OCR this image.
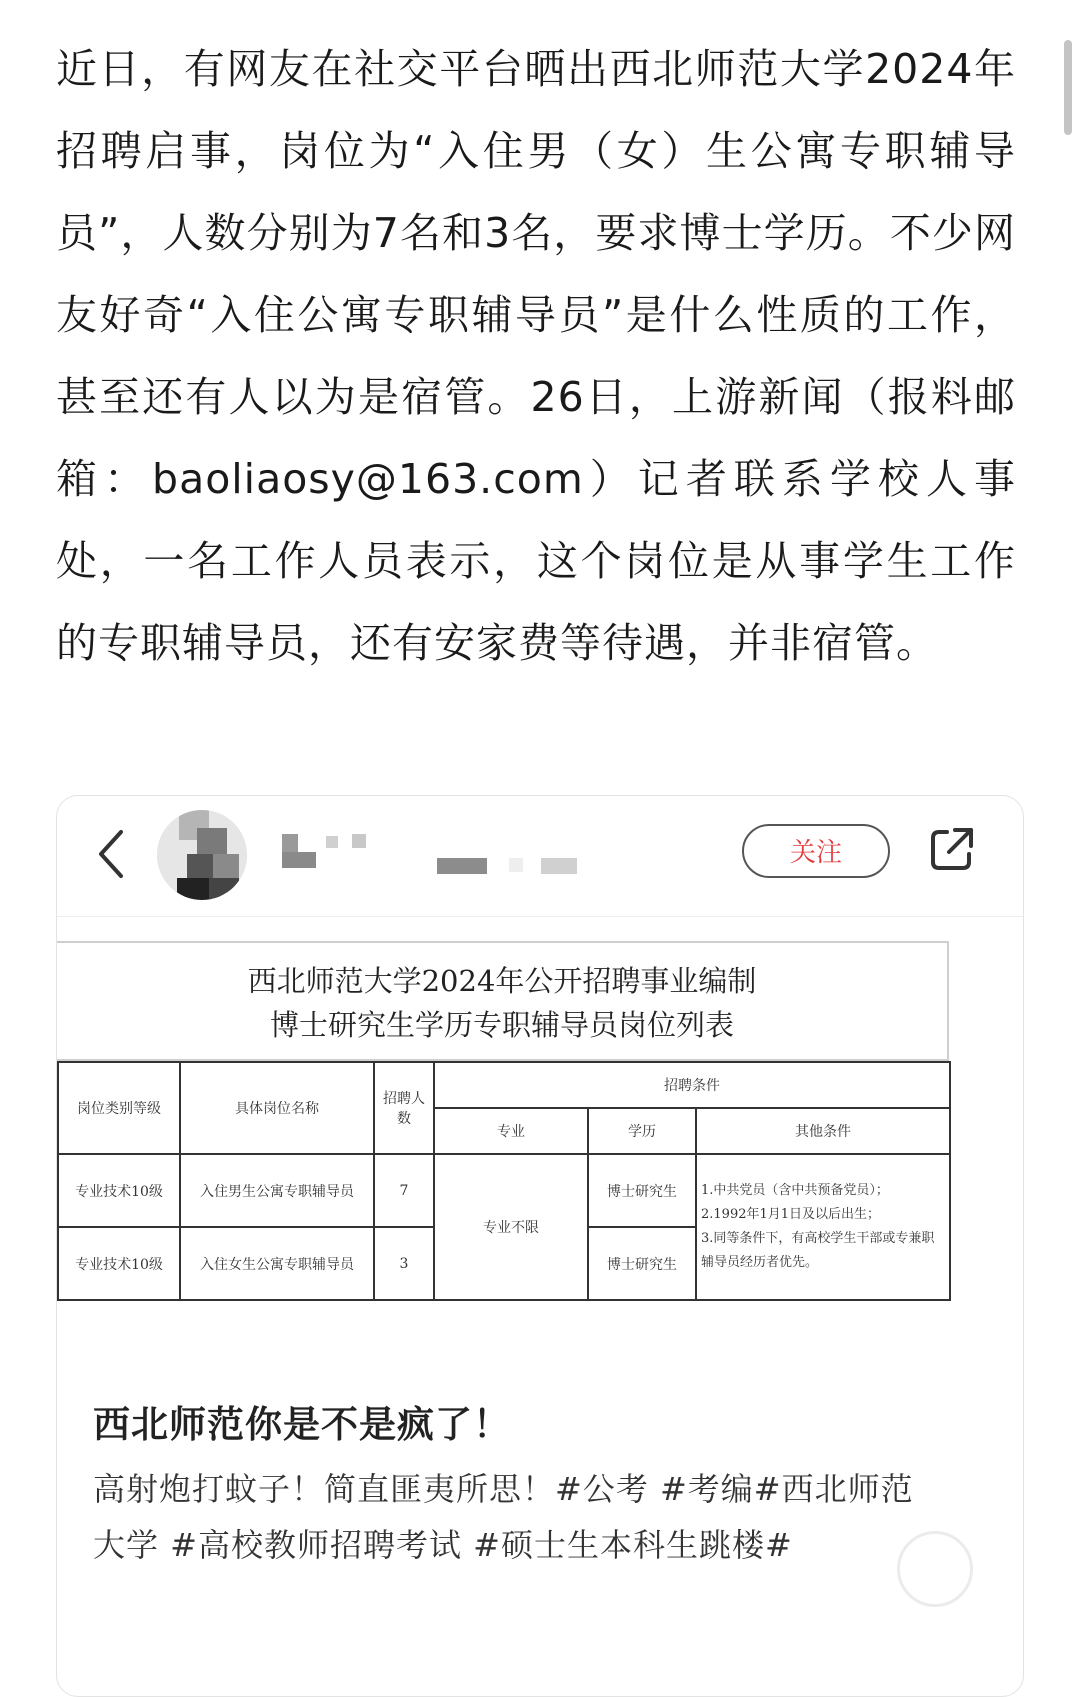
近日，有网友在社交平台晒出西北师范大学2024年招聘启事，岗位为“入住男（女）生公寓专职辅导员”，人数分别为7名和3名，要求博士学历。不少网友好奇“入住公寓专职辅导员”是什么性质的工作，甚至还有人以为是宿管。26日，上游新闻（报料邮箱：baoliaosy@163.com）记者联系学校人事处，一名工作人员表示，这个岗位是从事学生工作的专职辅导员，还有安家费等待遇，并非宿管。

关注
西北师范大学2024年公开招聘事业编制
博士研究生学历专职辅导员岗位列表
岗位类别等级	具体岗位名称	招聘人数	招聘条件		
			专业	学历	其他条件
专业技术10级	入住男生公寓专职辅导员	7	专业不限	博士研究生	1.中共党员（含中共预备党员）；
2.1992年1月1日及以后出生；
3.同等条件下，有高校学生干部或专兼职辅导员经历者优先。

专业技术10级	入住女生公寓专职辅导员	3		博士研究生	
西北师范你是不是疯了！
高射炮打蚊子！简直匪夷所思！#公考 #考编#西北师范大学 #高校教师招聘考试 #硕士生本科生跳楼#
